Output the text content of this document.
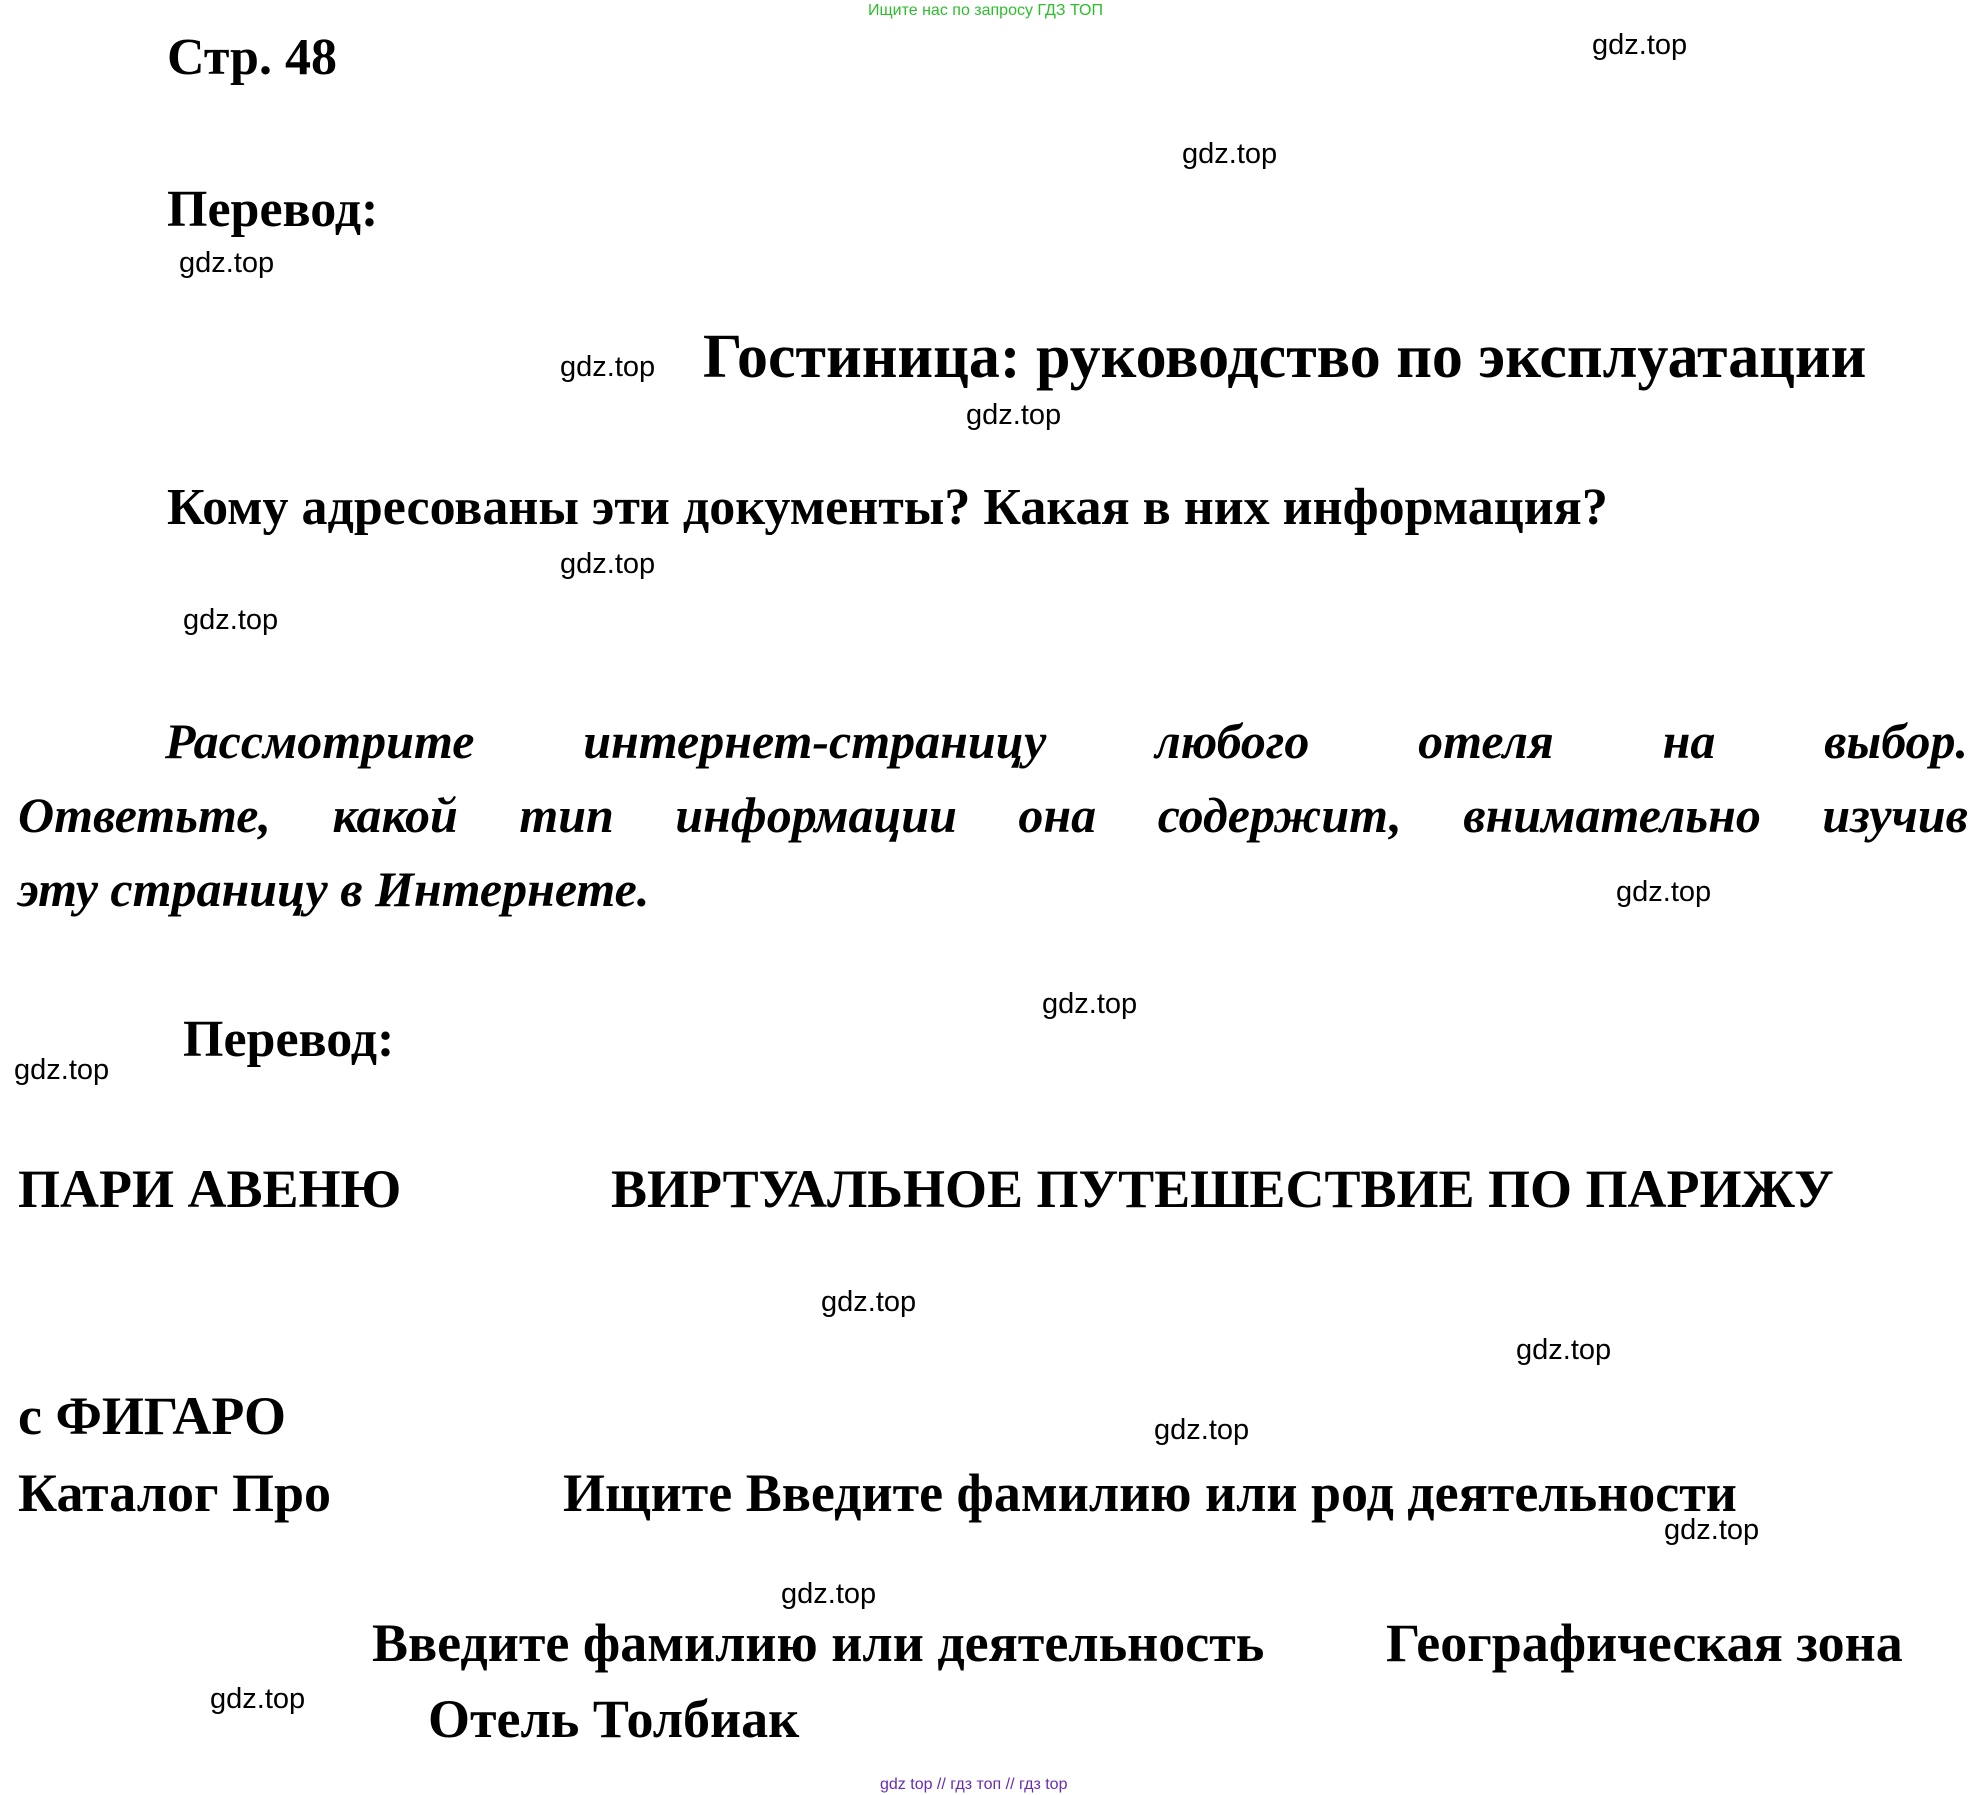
Ищите нас по запросу ГДЗ ТОП
Стр. 48
Перевод:
Гостиница: руководство по эксплуатации
Кому адресованы эти документы? Какая в них информация?
Рассмотрите интернет-страницу любого отеля на выбор.
Ответьте, какой тип информации она содержит, внимательно изучив
эту страницу в Интернете.
Перевод:
ПАРИ АВЕНЮ	ВИРТУАЛЬНОЕ ПУТЕШЕСТВИЕ ПО ПАРИЖУ
с ФИГАРО
Каталог Про	Ищите Введите фамилию или род деятельности
Введите фамилию или деятельность Географическая зона
Отель Толбиак
gdz.top
gdz.top
gdz.top
gdz.top
gdz.top
gdz.top
gdz.top
gdz.top
gdz.top
gdz.top
gdz.top
gdz.top
gdz.top
gdz.top
gdz.top
gdz.top
gdz top // гдз топ // гдз top
